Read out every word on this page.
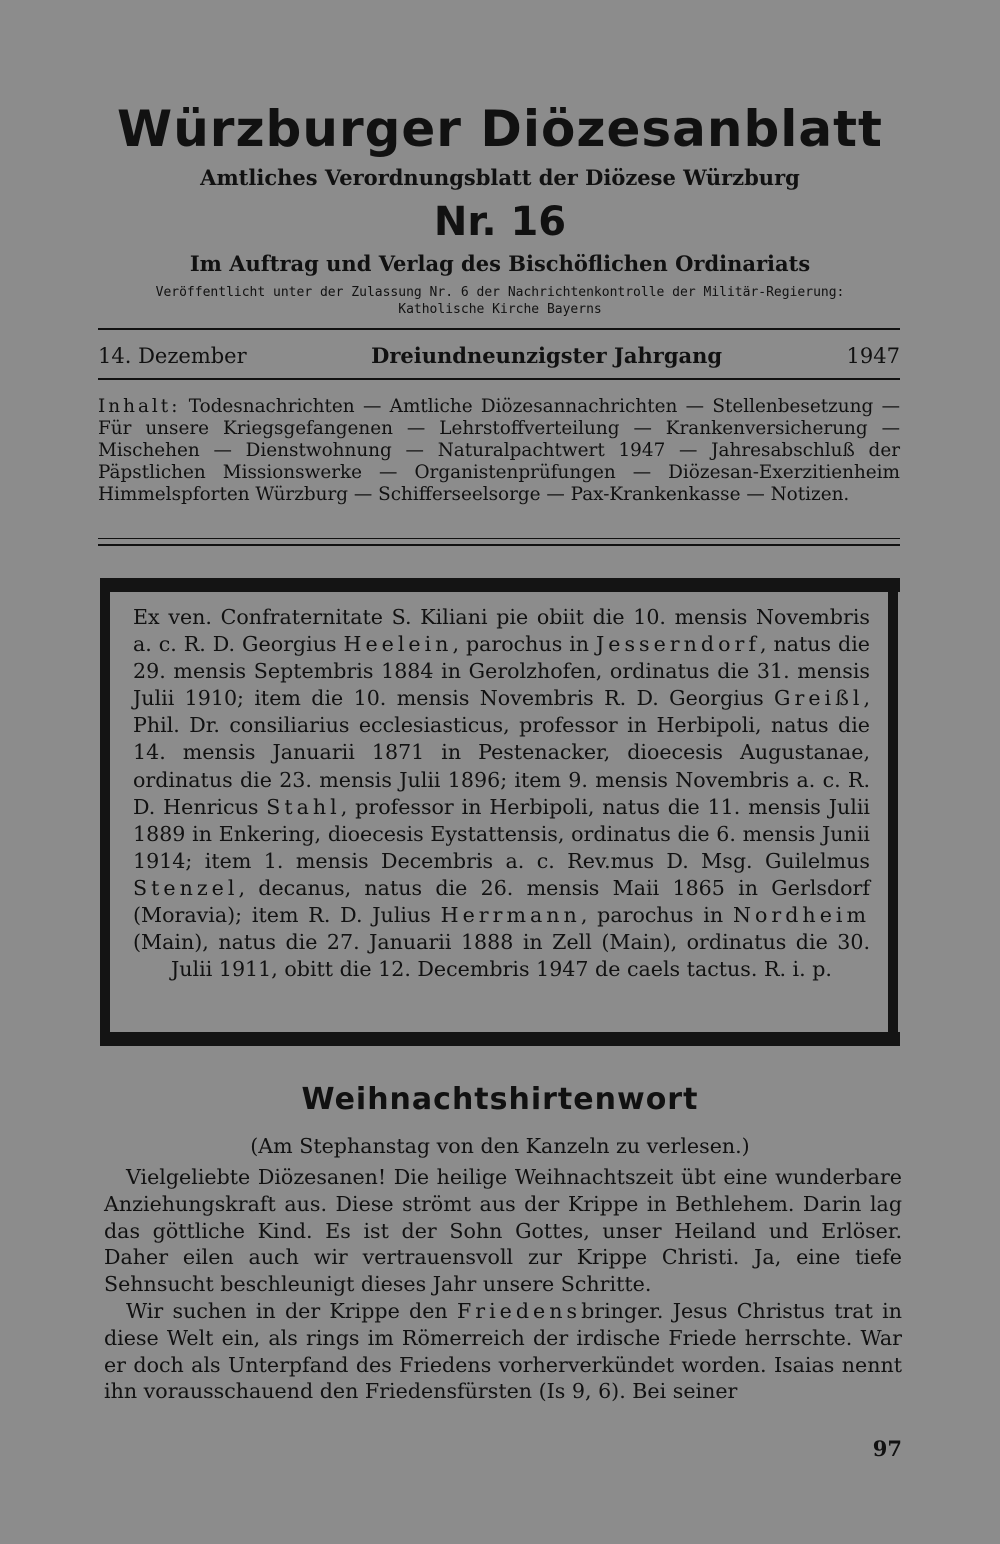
Würzburger Diözesanblatt
Amtliches Verordnungsblatt der Diözese Würzburg
Nr. 16
Im Auftrag und Verlag des Bischöflichen Ordinariats
Veröffentlicht unter der Zulassung Nr. 6 der Nachrichtenkontrolle der Militär-Regierung:
Katholische Kirche Bayerns
14. Dezember	Dreiundneunzigster Jahrgang	1947
Inhalt: Todesnachrichten — Amtliche Diözesannachrichten — Stellenbesetzung — Für unsere Kriegsgefangenen — Lehrstoffverteilung — Krankenversicherung — Mischehen — Dienstwohnung — Naturalpachtwert 1947 — Jahresabschluß der Päpstlichen Missionswerke — Organistenprüfungen — Diözesan-Exerzitienheim Himmelspforten Würzburg — Schifferseelsorge — Pax-Krankenkasse — Notizen.
Ex ven. Confraternitate S. Kiliani pie obiit die 10. mensis Novembris a. c. R. D. Georgius Heelein, parochus in Jesserndorf, natus die 29. mensis Septembris 1884 in Gerolzhofen, ordinatus die 31. mensis Julii 1910; item die 10. mensis Novembris R. D. Georgius Greißl, Phil. Dr. consiliarius ecclesiasticus, professor in Herbipoli, natus die 14. mensis Januarii 1871 in Pestenacker, dioecesis Augustanae, ordinatus die 23. mensis Julii 1896; item 9. mensis Novembris a. c. R. D. Henricus Stahl, professor in Herbipoli, natus die 11. mensis Julii 1889 in Enkering, dioecesis Eystattensis, ordinatus die 6. mensis Junii 1914; item 1. mensis Decembris a. c. Rev.mus D. Msg. Guilelmus Stenzel, decanus, natus die 26. mensis Maii 1865 in Gerlsdorf (Moravia); item R. D. Julius Herrmann, parochus in Nordheim (Main), natus die 27. Januarii 1888 in Zell (Main), ordinatus die 30. Julii 1911, obitt die 12. Decembris 1947 de caels tactus. R. i. p.
Weihnachtshirtenwort
(Am Stephanstag von den Kanzeln zu verlesen.)

Vielgeliebte Diözesanen! Die heilige Weihnachtszeit übt eine wunderbare Anziehungskraft aus. Diese strömt aus der Krippe in Bethlehem. Darin lag das göttliche Kind. Es ist der Sohn Gottes, unser Heiland und Erlöser. Daher eilen auch wir vertrauensvoll zur Krippe Christi. Ja, eine tiefe Sehnsucht beschleunigt dieses Jahr unsere Schritte.

Wir suchen in der Krippe den Friedensbringer. Jesus Christus trat in diese Welt ein, als rings im Römerreich der irdische Friede herrschte. War er doch als Unterpfand des Friedens vorherverkündet worden. Isaias nennt ihn vorausschauend den Friedensfürsten (Is 9, 6). Bei seiner

97
